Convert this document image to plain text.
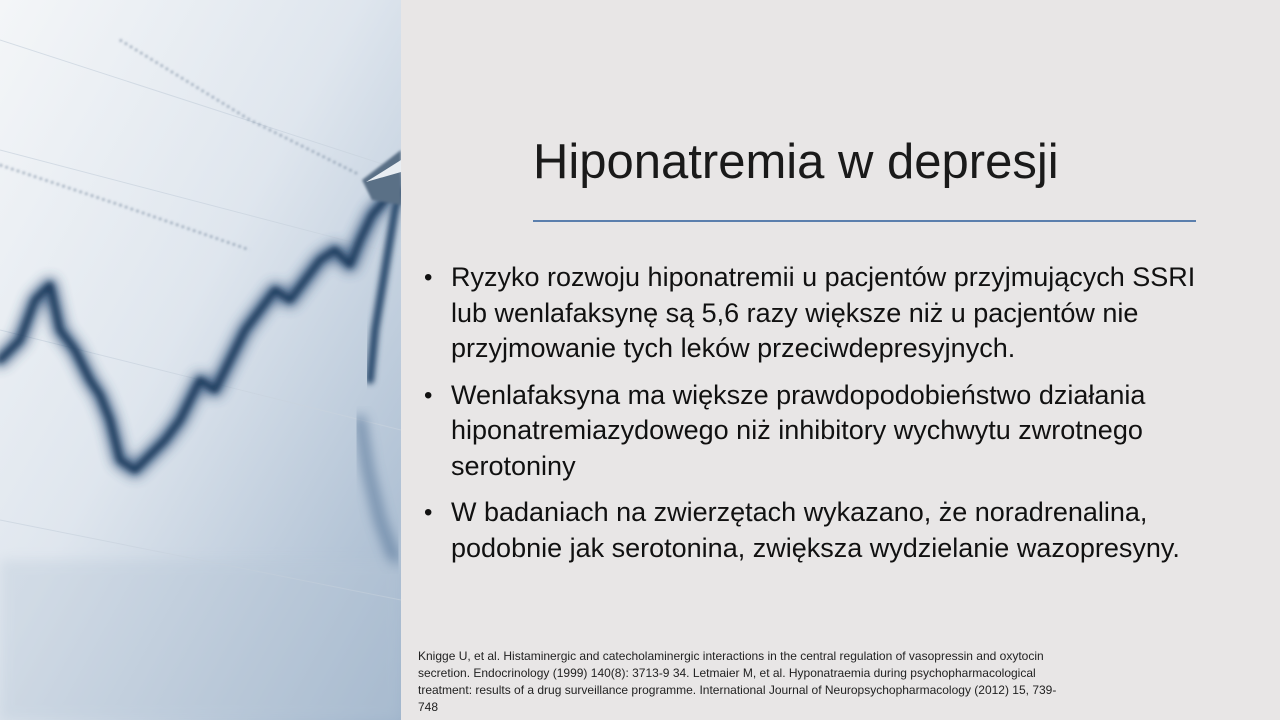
Hiponatremia w depresji
• Ryzyko rozwoju hiponatremii u pacjentów przyjmujących SSRI lub wenlafaksynę są 5,6 razy większe niż u pacjentów nie przyjmowanie tych leków przeciwdepresyjnych.
• Wenlafaksyna ma większe prawdopodobieństwo działania hiponatremiazydowego niż inhibitory wychwytu zwrotnego serotoniny
• W badaniach na zwierzętach wykazano, że noradrenalina, podobnie jak serotonina, zwiększa wydzielanie wazopresyny.

Knigge U, et al. Histaminergic and catecholaminergic interactions in the central regulation of vasopressin and oxytocin secretion. Endocrinology (1999) 140(8): 3713-9 34. Letmaier M, et al. Hyponatraemia during psychopharmacological treatment: results of a drug surveillance programme. International Journal of Neuropsychopharmacology (2012) 15, 739-748
